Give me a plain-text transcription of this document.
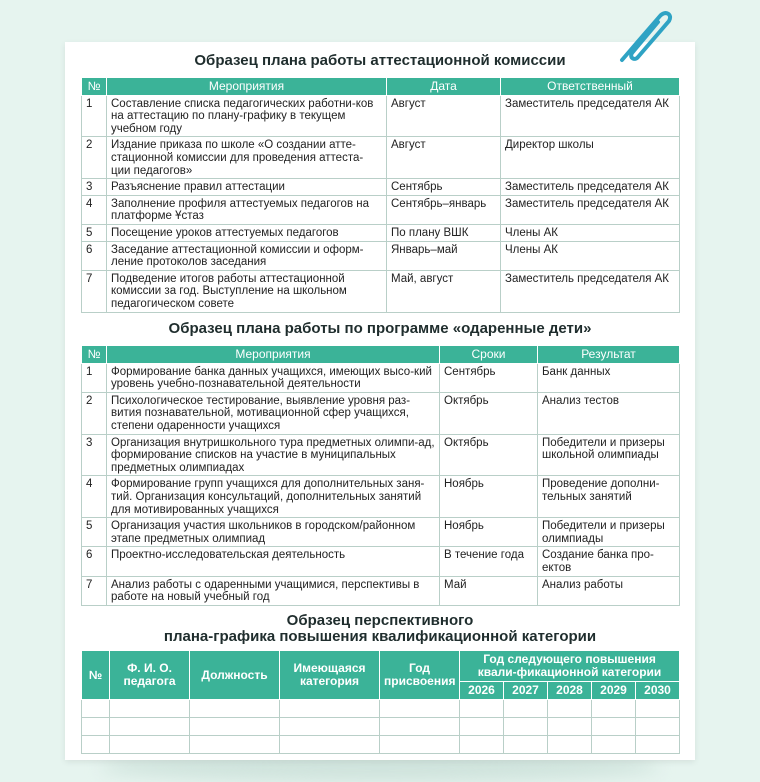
Образец плана работы аттестационной комиссии
№	Мероприятия	Дата	Ответственный
1	Составление списка педагогических работни-ков на аттестацию по плану-графику в текущем учебном году	Август	Заместитель председателя АК
2	Издание приказа по школе «О создании атте-стационной комиссии для проведения аттеста-ции педагогов»	Август	Директор школы
3	Разъяснение правил аттестации	Сентябрь	Заместитель председателя АК
4	Заполнение профиля аттестуемых педагогов на платформе Ұстаз	Сентябрь–январь	Заместитель председателя АК
5	Посещение уроков аттестуемых педагогов	По плану ВШК	Члены АК
6	Заседание аттестационной комиссии и оформ-ление протоколов заседания	Январь–май	Члены АК
7	Подведение итогов работы аттестационной комиссии за год. Выступление на школьном педагогическом совете	Май, август	Заместитель председателя АК
Образец плана работы по программе «одаренные дети»
№	Мероприятия	Сроки	Результат
1	Формирование банка данных учащихся, имеющих высо-кий уровень учебно-познавательной деятельности	Сентябрь	Банк данных
2	Психологическое тестирование, выявление уровня раз-вития познавательной, мотивационной сфер учащихся, степени одаренности учащихся	Октябрь	Анализ тестов
3	Организация внутришкольного тура предметных олимпи-ад, формирование списков на участие в муниципальных предметных олимпиадах	Октябрь	Победители и призеры школьной олимпиады
4	Формирование групп учащихся для дополнительных заня-тий. Организация консультаций, дополнительных занятий для мотивированных учащихся	Ноябрь	Проведение дополни-тельных занятий
5	Организация участия школьников в городском/районном этапе предметных олимпиад	Ноябрь	Победители и призеры олимпиады
6	Проектно-исследовательская деятельность	В течение года	Создание банка про-ектов
7	Анализ работы с одаренными учащимися, перспективы в работе на новый учебный год	Май	Анализ работы
Образец перспективного
плана-графика повышения квалификационной категории
№	Ф. И. О. педагога	Должность	Имеющаяся категория	Год присвоения	Год следующего повышения квали-фикационной категории				
					2026	2027	2028	2029	2030
